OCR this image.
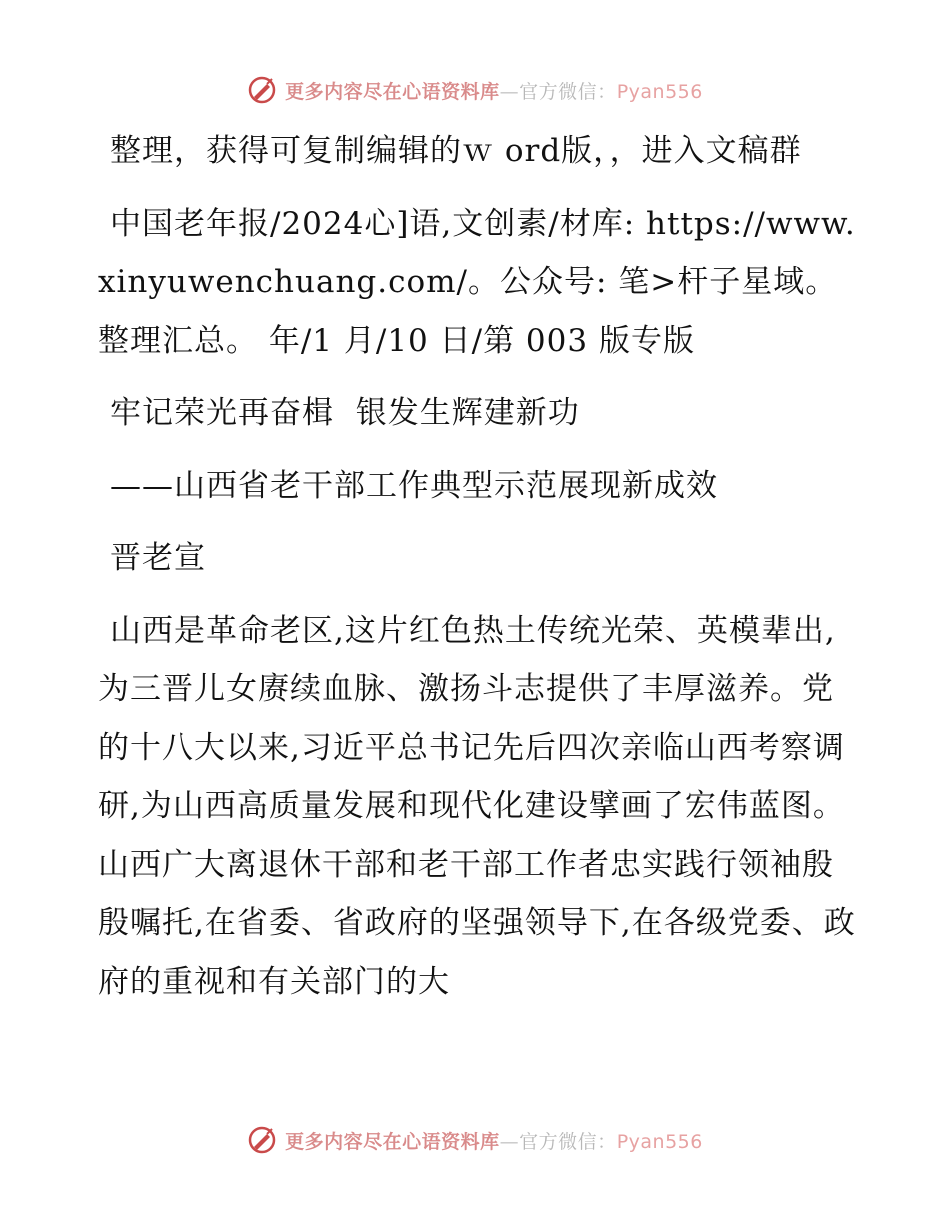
更多内容尽在心语资料库—官方微信：Pyan556

整理，获得可复制编辑的ｗ ord版，，进入文稿群

中国老年报/2024心]语,文创素/材库: https://www.xinyuwenchuang.com/。公众号: 笔>杆子星域。整理汇总。 年/1 月/10 日/第 003 版专版

牢记荣光再奋楫  银发生辉建新功

——山西省老干部工作典型示范展现新成效

晋老宣

山西是革命老区,这片红色热土传统光荣、英模辈出,为三晋儿女赓续血脉、激扬斗志提供了丰厚滋养。党的十八大以来,习近平总书记先后四次亲临山西考察调研,为山西高质量发展和现代化建设擘画了宏伟蓝图。山西广大离退休干部和老干部工作者忠实践行领袖殷殷嘱托,在省委、省政府的坚强领导下,在各级党委、政府的重视和有关部门的大

更多内容尽在心语资料库—官方微信：Pyan556
